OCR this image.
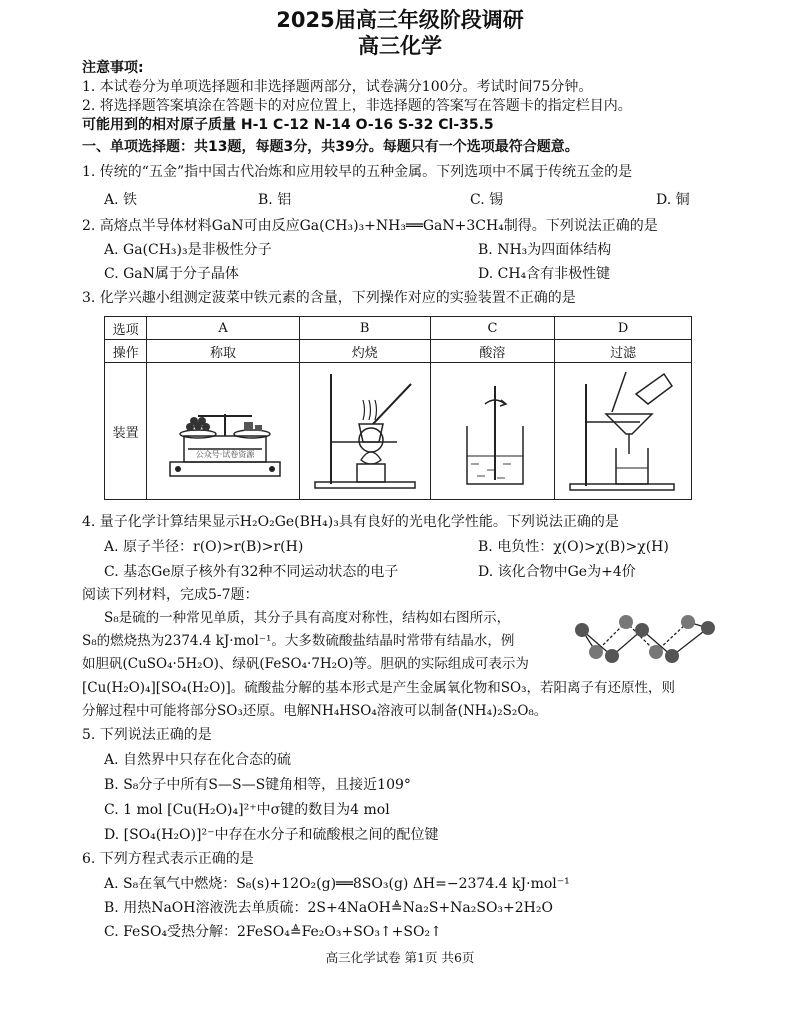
2025届高三年级阶段调研
高三化学
注意事项:
1. 本试卷分为单项选择题和非选择题两部分，试卷满分100分。考试时间75分钟。
2. 将选择题答案填涂在答题卡的对应位置上，非选择题的答案写在答题卡的指定栏目内。
可能用到的相对原子质量 H-1 C-12 N-14 O-16 S-32 Cl-35.5
一、单项选择题：共13题，每题3分，共39分。每题只有一个选项最符合题意。
1. 传统的“五金”指中国古代冶炼和应用较早的五种金属。下列选项中不属于传统五金的是
A. 铁	B. 铝	C. 锡	D. 铜
2. 高熔点半导体材料GaN可由反应Ga(CH₃)₃+NH₃══GaN+3CH₄制得。下列说法正确的是
A. Ga(CH₃)₃是非极性分子	B. NH₃为四面体结构
C. GaN属于分子晶体	D. CH₄含有非极性键
3. 化学兴趣小组测定菠菜中铁元素的含量，下列操作对应的实验装置不正确的是
选项	A	B	C	D
操作	称取	灼烧	酸溶	过滤
装置	公众号·试卷资源

4. 量子化学计算结果显示H₂O₂Ge(BH₄)₃具有良好的光电化学性能。下列说法正确的是
A. 原子半径：r(O)>r(B)>r(H)	B. 电负性：χ(O)>χ(B)>χ(H)
C. 基态Ge原子核外有32种不同运动状态的电子	D. 该化合物中Ge为+4价
阅读下列材料，完成5-7题：
S₈是硫的一种常见单质，其分子具有高度对称性，结构如右图所示，
S₈的燃烧热为2374.4 kJ·mol⁻¹。大多数硫酸盐结晶时常带有结晶水，例
如胆矾(CuSO₄·5H₂O)、绿矾(FeSO₄·7H₂O)等。胆矾的实际组成可表示为
[Cu(H₂O)₄][SO₄(H₂O)]。硫酸盐分解的基本形式是产生金属氧化物和SO₃，若阳离子有还原性，则
分解过程中可能将部分SO₃还原。电解NH₄HSO₄溶液可以制备(NH₄)₂S₂O₈。
5. 下列说法正确的是
A. 自然界中只存在化合态的硫
B. S₈分子中所有S—S—S键角相等，且接近109°
C. 1 mol [Cu(H₂O)₄]²⁺中σ键的数目为4 mol
D. [SO₄(H₂O)]²⁻中存在水分子和硫酸根之间的配位键
6. 下列方程式表示正确的是
A. S₈在氧气中燃烧：S₈(s)+12O₂(g)══8SO₃(g) ΔH=−2374.4 kJ·mol⁻¹
B. 用热NaOH溶液洗去单质硫：2S+4NaOH≜Na₂S+Na₂SO₃+2H₂O
C. FeSO₄受热分解：2FeSO₄≜Fe₂O₃+SO₃↑+SO₂↑
高三化学试卷 第1页 共6页
